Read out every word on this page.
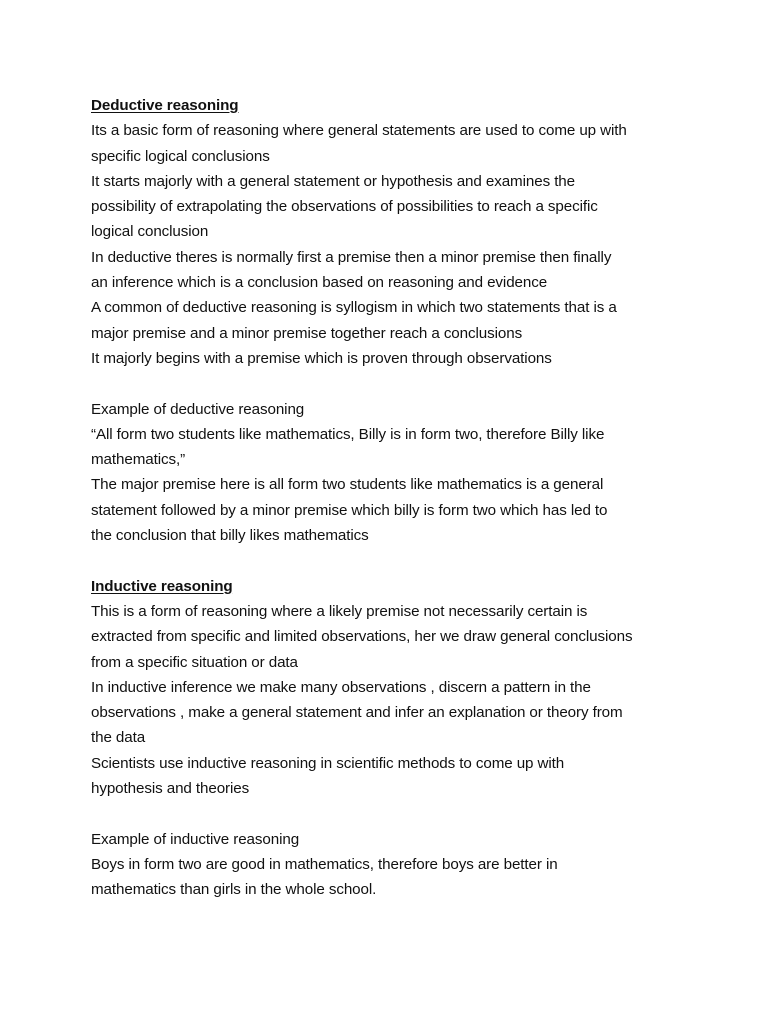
Deductive reasoning
Its a basic form of reasoning where general statements are used to come up with
specific logical conclusions
It starts majorly with a general statement or hypothesis and examines the
possibility of extrapolating the observations of possibilities to reach a specific
logical conclusion
In deductive theres is normally first a premise then a minor premise then finally
an inference which is a conclusion based on reasoning and evidence
A common of deductive reasoning is syllogism in which two statements that is a
major premise and a minor premise together reach a conclusions
It majorly begins with a premise which is proven through observations
Example of deductive reasoning
“All form two students like mathematics, Billy is in form two, therefore Billy like
mathematics,”
The major premise here is all form two students like mathematics is a general
statement followed by a minor premise which billy is form two which has led to
the conclusion that billy likes mathematics
Inductive reasoning
This is a form of reasoning where a likely premise not necessarily certain is
extracted from specific and limited observations, her we draw general conclusions
from a specific situation or data
In inductive inference we make many observations , discern a pattern in the
observations , make a general statement and infer an explanation or theory from
the data
Scientists use inductive reasoning in scientific methods to come up with
hypothesis and theories
Example of inductive reasoning
Boys in form two are good in mathematics, therefore boys are better in
mathematics than girls in the whole school.
